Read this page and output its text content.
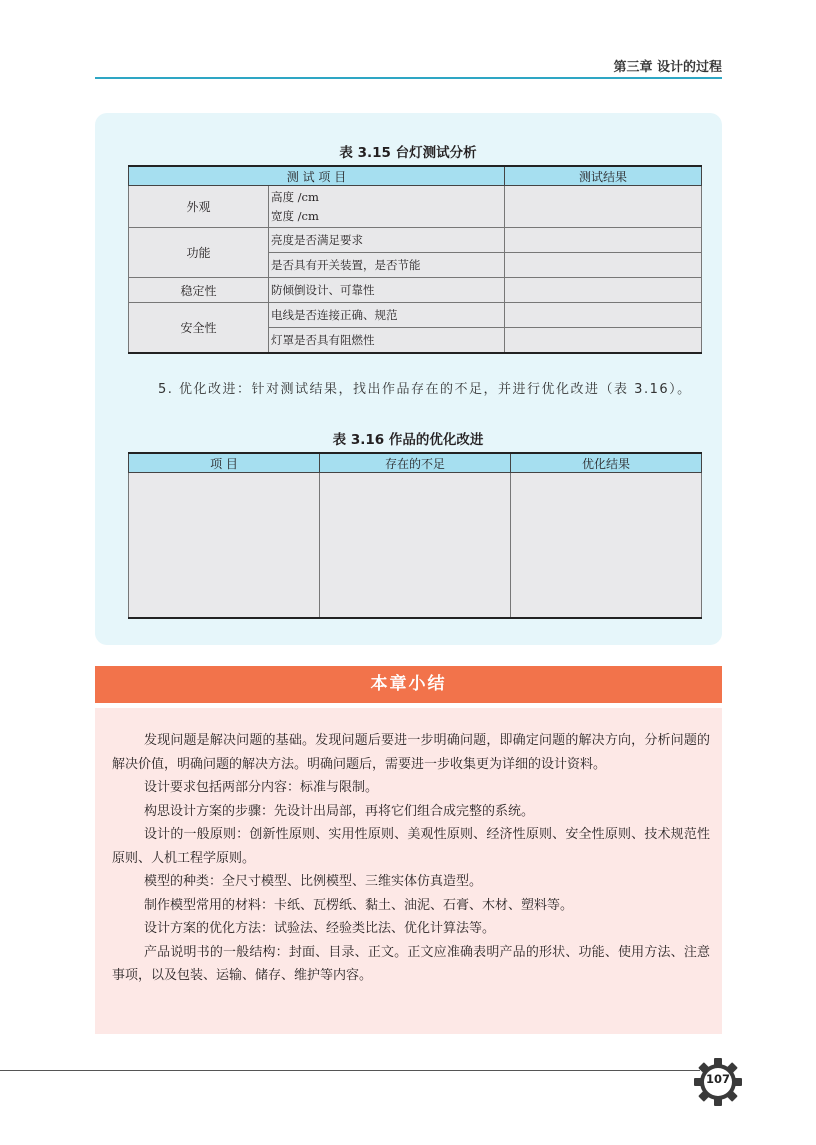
第三章 设计的过程
表 3.15 台灯测试分析
测 试 项 目		测试结果
外观	高度 /cm
宽度 /cm	

功能	亮度是否满足要求	
	是否具有开关装置，是否节能	
稳定性	防倾倒设计、可靠性	
安全性	电线是否连接正确、规范	
	灯罩是否具有阻燃性	
5. 优化改进：针对测试结果，找出作品存在的不足，并进行优化改进（表 3.16）。
表 3.16 作品的优化改进
项 目	存在的不足	优化结果

本章小结

发现问题是解决问题的基础。发现问题后要进一步明确问题，即确定问题的解决方向，分析问题的解决价值，明确问题的解决方法。明确问题后，需要进一步收集更为详细的设计资料。

设计要求包括两部分内容：标准与限制。

构思设计方案的步骤：先设计出局部，再将它们组合成完整的系统。

设计的一般原则：创新性原则、实用性原则、美观性原则、经济性原则、安全性原则、技术规范性原则、人机工程学原则。

模型的种类：全尺寸模型、比例模型、三维实体仿真造型。

制作模型常用的材料：卡纸、瓦楞纸、黏土、油泥、石膏、木材、塑料等。

设计方案的优化方法：试验法、经验类比法、优化计算法等。

产品说明书的一般结构：封面、目录、正文。正文应准确表明产品的形状、功能、使用方法、注意事项，以及包装、运输、储存、维护等内容。

107
